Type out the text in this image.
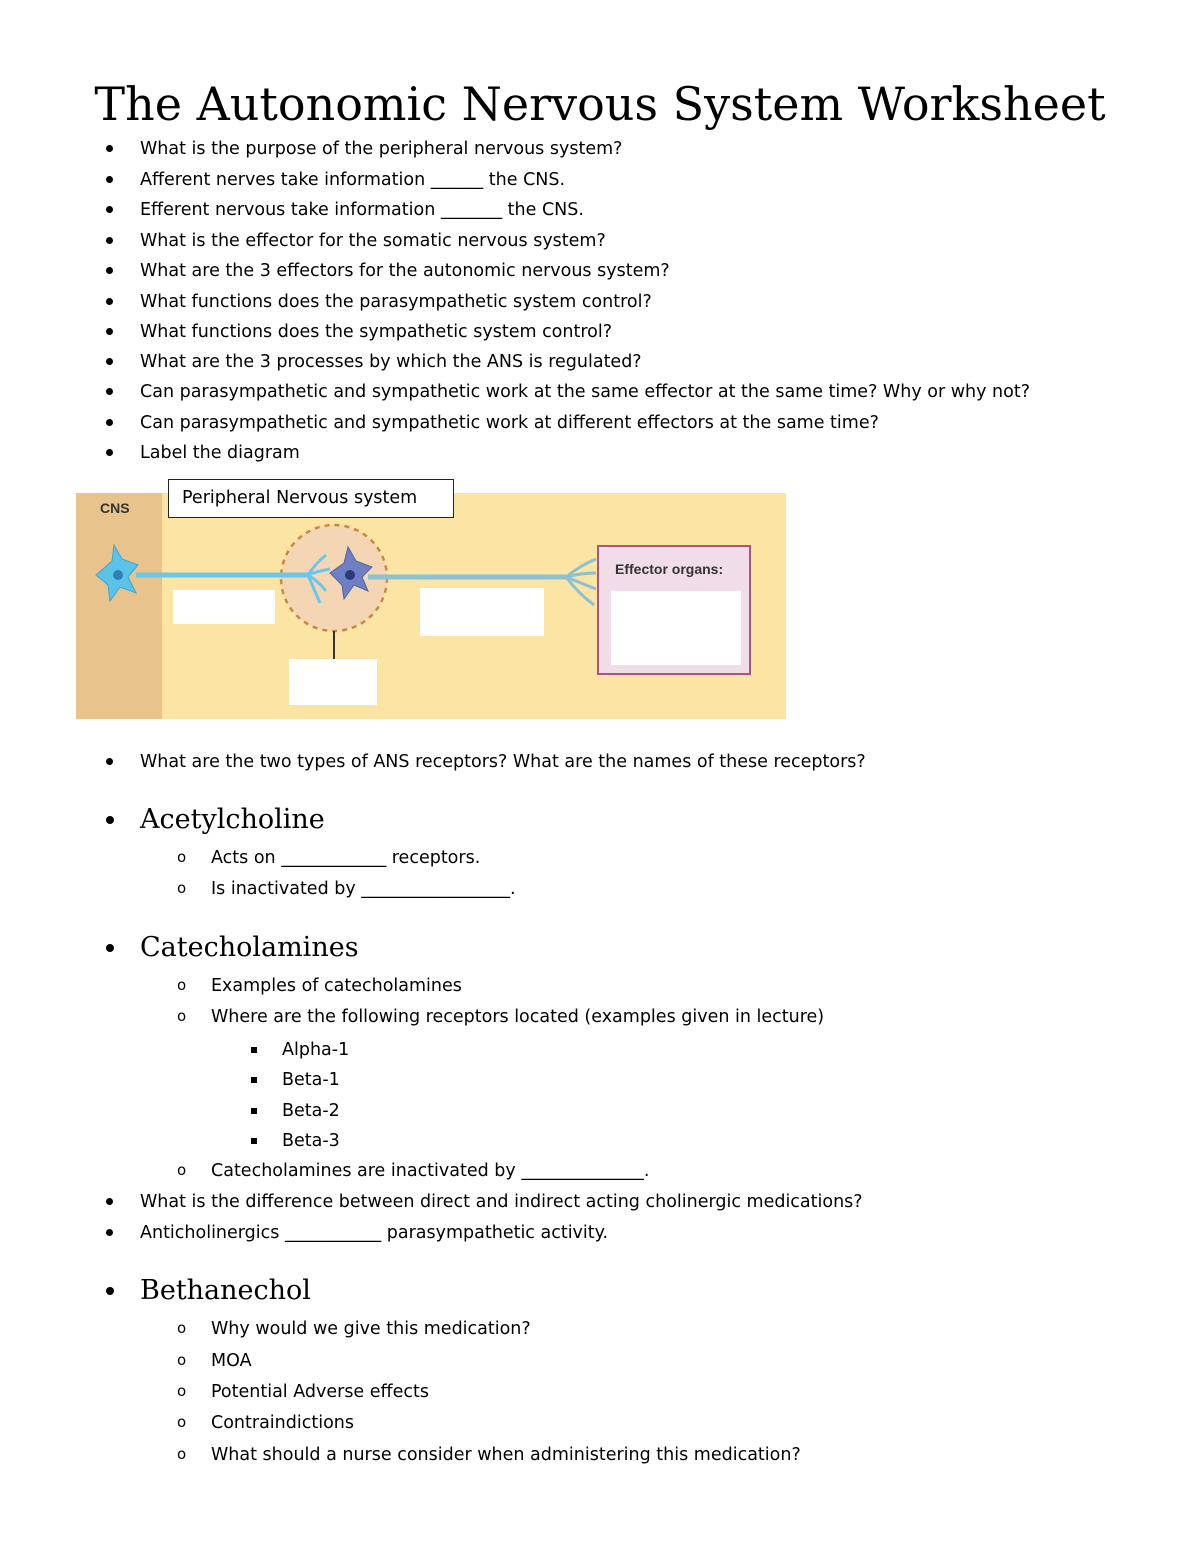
The Autonomic Nervous System Worksheet
What is the purpose of the peripheral nervous system?
Afferent nerves take information ______ the CNS.
Efferent nervous take information _______ the CNS.
What is the effector for the somatic nervous system?
What are the 3 effectors for the autonomic nervous system?
What functions does the parasympathetic system control?
What functions does the sympathetic system control?
What are the 3 processes by which the ANS is regulated?
Can parasympathetic and sympathetic work at the same effector at the same time? Why or why not?
Can parasympathetic and sympathetic work at different effectors at the same time?
Label the diagram
CNS
Effector organs:
Peripheral Nervous system
What are the two types of ANS receptors? What are the names of these receptors?
Acetylcholine
o Acts on ____________ receptors.
o Is inactivated by _________________.
Catecholamines
o Examples of catecholamines
o Where are the following receptors located (examples given in lecture)
Alpha-1
Beta-1
Beta-2
Beta-3
o Catecholamines are inactivated by ______________.
What is the difference between direct and indirect acting cholinergic medications?
Anticholinergics ___________ parasympathetic activity.
Bethanechol
o Why would we give this medication?
o MOA
o Potential Adverse effects
o Contraindictions
o What should a nurse consider when administering this medication?
